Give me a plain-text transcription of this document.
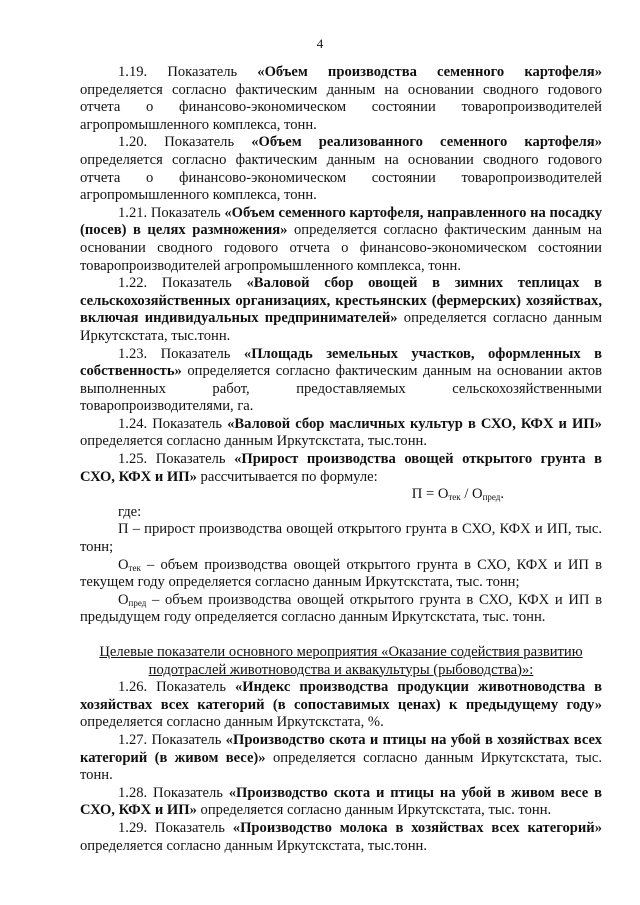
4

1.19. Показатель «Объем производства семенного картофеля» определяется согласно фактическим данным на основании сводного годового отчета о финансово-экономическом состоянии товаропроизводителей агропромышленного комплекса, тонн.

1.20. Показатель «Объем реализованного семенного картофеля» определяется согласно фактическим данным на основании сводного годового отчета о финансово-экономическом состоянии товаропроизводителей агропромышленного комплекса, тонн.

1.21. Показатель «Объем семенного картофеля, направленного на посадку (посев) в целях размножения» определяется согласно фактическим данным на основании сводного годового отчета о финансово-экономическом состоянии товаропроизводителей агропромышленного комплекса, тонн.

1.22. Показатель «Валовой сбор овощей в зимних теплицах в сельскохозяйственных организациях, крестьянских (фермерских) хозяйствах, включая индивидуальных предпринимателей» определяется согласно данным Иркутскстата, тыс.тонн.

1.23. Показатель «Площадь земельных участков, оформленных в собственность» определяется согласно фактическим данным на основании актов выполненных работ, предоставляемых сельскохозяйственными товаропроизводителями, га.

1.24. Показатель «Валовой сбор масличных культур в СХО, КФХ и ИП» определяется согласно данным Иркутскстата, тыс.тонн.

1.25. Показатель «Прирост производства овощей открытого грунта в СХО, КФХ и ИП» рассчитывается по формуле:

$П = О_{тек} / О_{пред}$.

где:

П – прирост производства овощей открытого грунта в СХО, КФХ и ИП, тыс. тонн;

$О_{тек}$ – объем производства овощей открытого грунта в СХО, КФХ и ИП в текущем году определяется согласно данным Иркутскстата, тыс. тонн;

$О_{пред}$ – объем производства овощей открытого грунта в СХО, КФХ и ИП в предыдущем году определяется согласно данным Иркутскстата, тыс. тонн.

Целевые показатели основного мероприятия «Оказание содействия развитию подотраслей животноводства и аквакультуры (рыбоводства)»:

1.26. Показатель «Индекс производства продукции животноводства в хозяйствах всех категорий (в сопоставимых ценах) к предыдущему году» определяется согласно данным Иркутскстата, %.

1.27. Показатель «Производство скота и птицы на убой в хозяйствах всех категорий (в живом весе)» определяется согласно данным Иркутскстата, тыс. тонн.

1.28. Показатель «Производство скота и птицы на убой в живом весе в СХО, КФХ и ИП» определяется согласно данным Иркутскстата, тыс. тонн.

1.29. Показатель «Производство молока в хозяйствах всех категорий» определяется согласно данным Иркутскстата, тыс.тонн.
